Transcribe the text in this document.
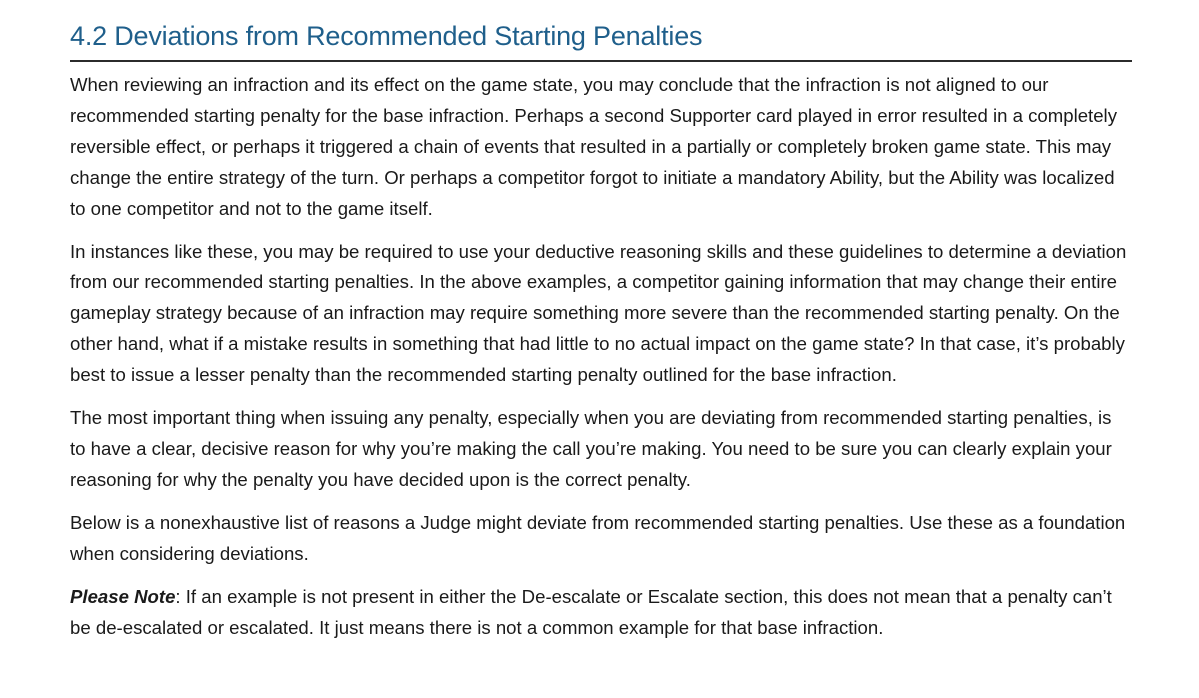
4.2 Deviations from Recommended Starting Penalties

When reviewing an infraction and its effect on the game state, you may conclude that the infraction is not aligned to our recommended starting penalty for the base infraction. Perhaps a second Supporter card played in error resulted in a completely reversible effect, or perhaps it triggered a chain of events that resulted in a partially or completely broken game state. This may change the entire strategy of the turn. Or perhaps a competitor forgot to initiate a mandatory Ability, but the Ability was localized to one competitor and not to the game itself.

In instances like these, you may be required to use your deductive reasoning skills and these guidelines to determine a deviation from our recommended starting penalties. In the above examples, a competitor gaining information that may change their entire gameplay strategy because of an infraction may require something more severe than the recommended starting penalty. On the other hand, what if a mistake results in something that had little to no actual impact on the game state? In that case, it’s probably best to issue a lesser penalty than the recommended starting penalty outlined for the base infraction.

The most important thing when issuing any penalty, especially when you are deviating from recommended starting penalties, is to have a clear, decisive reason for why you’re making the call you’re making. You need to be sure you can clearly explain your reasoning for why the penalty you have decided upon is the correct penalty.

Below is a nonexhaustive list of reasons a Judge might deviate from recommended starting penalties. Use these as a foundation when considering deviations.

Please Note: If an example is not present in either the De-escalate or Escalate section, this does not mean that a penalty can’t be de-escalated or escalated. It just means there is not a common example for that base infraction.
